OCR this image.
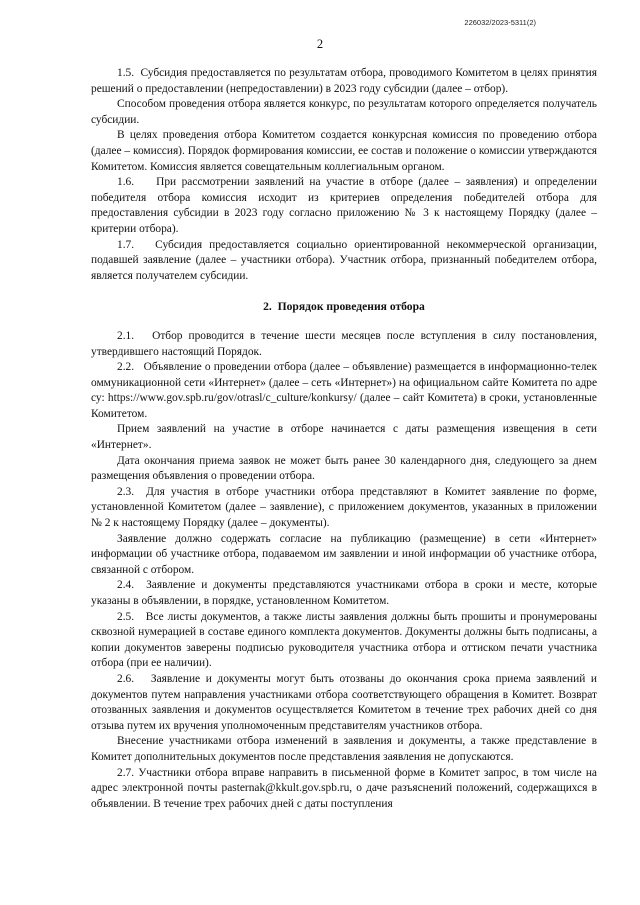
226032/2023-5311(2)
2

1.5.  Субсидия предоставляется по результатам отбора, проводимого Комитетом в целях принятия решений о предоставлении (непредоставлении) в 2023 году субсидии (далее – отбор).

Способом проведения отбора является конкурс, по результатам которого определяется получатель субсидии.

В целях проведения отбора Комитетом создается конкурсная комиссия по проведению отбора (далее – комиссия). Порядок формирования комиссии, ее состав и положение о комиссии утверждаются Комитетом. Комиссия является совещательным коллегиальным органом.

1.6.    При рассмотрении заявлений на участие в отборе (далее – заявления) и определении победителя отбора комиссия исходит из критериев определения победителей отбора для предоставления субсидии в 2023 году согласно приложению № 3 к настоящему Порядку (далее – критерии отбора).

1.7.   Субсидия предоставляется социально ориентированной некоммерческой организации, подавшей заявление (далее – участники отбора). Участник отбора, признанный победителем отбора, является получателем субсидии.

2.  Порядок проведения отбора

2.1.   Отбор проводится в течение шести месяцев после вступления в силу постановления, утвердившего настоящий Порядок.

2.2.   Объявление о проведении отбора (далее – объявление) размещается в информационно-телекоммуникационной сети «Интернет» (далее – сеть «Интернет») на официальном сайте Комитета по адресу: https://www.gov.spb.ru/gov/otrasl/c_culture/konkursy/ (далее – сайт Комитета) в сроки, установленные Комитетом.

Прием заявлений на участие в отборе начинается с даты размещения извещения в сети «Интернет».

Дата окончания приема заявок не может быть ранее 30 календарного дня, следующего за днем размещения объявления о проведении отбора.

2.3.  Для участия в отборе участники отбора представляют в Комитет заявление по форме, установленной Комитетом (далее – заявление), с приложением документов, указанных в приложении № 2 к настоящему Порядку (далее – документы).

Заявление должно содержать согласие на публикацию (размещение) в сети «Интернет» информации об участнике отбора, подаваемом им заявлении и иной информации об участнике отбора, связанной с отбором.

2.4.  Заявление и документы представляются участниками отбора в сроки и месте, которые указаны в объявлении, в порядке, установленном Комитетом.

2.5.   Все листы документов, а также листы заявления должны быть прошиты и пронумерованы сквозной нумерацией в составе единого комплекта документов. Документы должны быть подписаны, а копии документов заверены подписью руководителя участника отбора и оттиском печати участника отбора (при ее наличии).

2.6.   Заявление и документы могут быть отозваны до окончания срока приема заявлений и документов путем направления участниками отбора соответствующего обращения в Комитет. Возврат отозванных заявления и документов осуществляется Комитетом в течение трех рабочих дней со дня отзыва путем их вручения уполномоченным представителям участников отбора.

Внесение участниками отбора изменений в заявления и документы, а также представление в Комитет дополнительных документов после представления заявления не допускаются.

2.7. Участники отбора вправе направить в письменной форме в Комитет запрос, в том числе на адрес электронной почты pasternak@kkult.gov.spb.ru, о даче разъяснений положений, содержащихся в объявлении. В течение трех рабочих дней с даты поступления
